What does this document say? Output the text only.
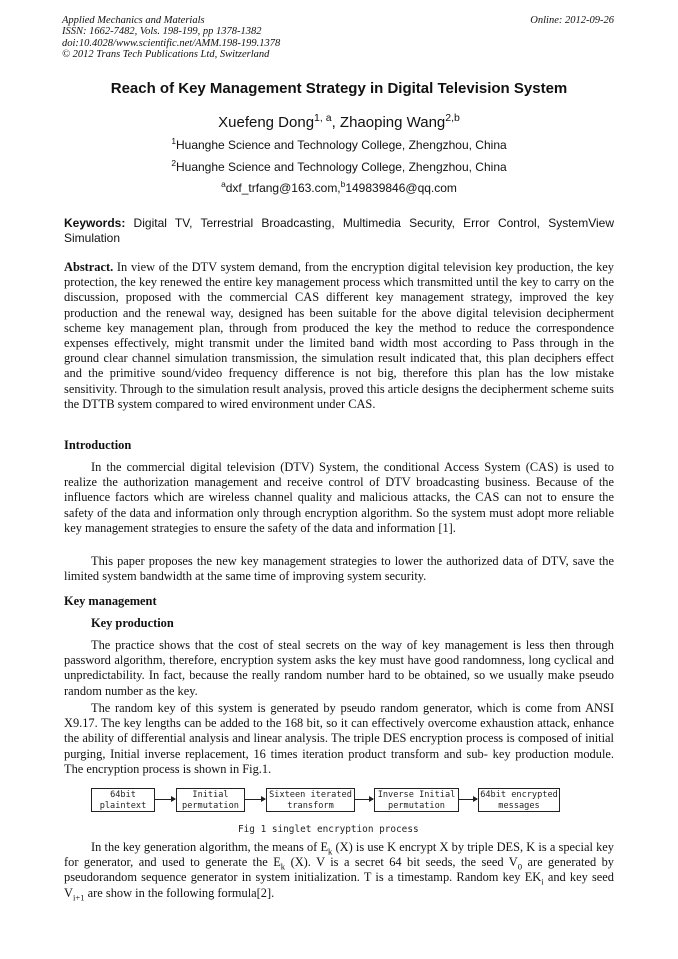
Applied Mechanics and Materials
ISSN: 1662-7482, Vols. 198-199, pp 1378-1382
doi:10.4028/www.scientific.net/AMM.198-199.1378
© 2012 Trans Tech Publications Ltd, Switzerland
Online: 2012-09-26
Reach of Key Management Strategy in Digital Television System
Xuefeng Dong$^{1, a}$, Zhaoping Wang$^{2,b}$
$^1$Huanghe Science and Technology College, Zhengzhou, China
$^2$Huanghe Science and Technology College, Zhengzhou, China
$^a$dxf_trfang@163.com,$^b$149839846@qq.com
Keywords: Digital TV, Terrestrial Broadcasting, Multimedia Security, Error Control, SystemView Simulation
Abstract. In view of the DTV system demand, from the encryption digital television key production, the key protection, the key renewed the entire key management process which transmitted until the key to carry on the discussion, proposed with the commercial CAS different key management strategy, improved the key production and the renewal way, designed has been suitable for the above digital television decipherment scheme key management plan, through from produced the key the method to reduce the correspondence expenses effectively, might transmit under the limited band width most according to Pass through in the ground clear channel simulation transmission, the simulation result indicated that, this plan deciphers effect and the primitive sound/video frequency difference is not big, therefore this plan has the low mistake sensitivity. Through to the simulation result analysis, proved this article designs the decipherment scheme suits the DTTB system compared to wired environment under CAS.
Introduction
In the commercial digital television (DTV) System, the conditional Access System (CAS) is used to realize the authorization management and receive control of DTV broadcasting business. Because of the influence factors which are wireless channel quality and malicious attacks, the CAS can not to ensure the safety of the data and information only through encryption algorithm. So the system must adopt more reliable key management strategies to ensure the safety of the data and information [1].
This paper proposes the new key management strategies to lower the authorized data of DTV, save the limited system bandwidth at the same time of improving system security.
Key management
Key production
The practice shows that the cost of steal secrets on the way of key management is less then through password algorithm, therefore, encryption system asks the key must have good randomness, long cyclical and unpredictability. In fact, because the really random number hard to be obtained, so we usually make pseudo random number as the key.
The random key of this system is generated by pseudo random generator, which is come from ANSI X9.17. The key lengths can be added to the 168 bit, so it can effectively overcome exhaustion attack, enhance the ability of differential analysis and linear analysis. The triple DES encryption process is composed of initial purging, Initial inverse replacement, 16 times iteration product transform and sub- key production module. The encryption process is shown in Fig.1.
64bit
plaintext
Initial
permutation
Sixteen iterated
transform
Inverse Initial
permutation
64bit encrypted
messages
Fig 1 singlet encryption process
In the key generation algorithm, the means of $E_k$ (X) is use K encrypt X by triple DES, K is a special key for generator, and used to generate the $E_k$ (X). V is a secret 64 bit seeds, the seed $V_0$ are generated by pseudorandom sequence generator in system initialization. T is a timestamp. Random key $EK_i$ and key seed $V_{i+1}$ are show in the following formula[2].
